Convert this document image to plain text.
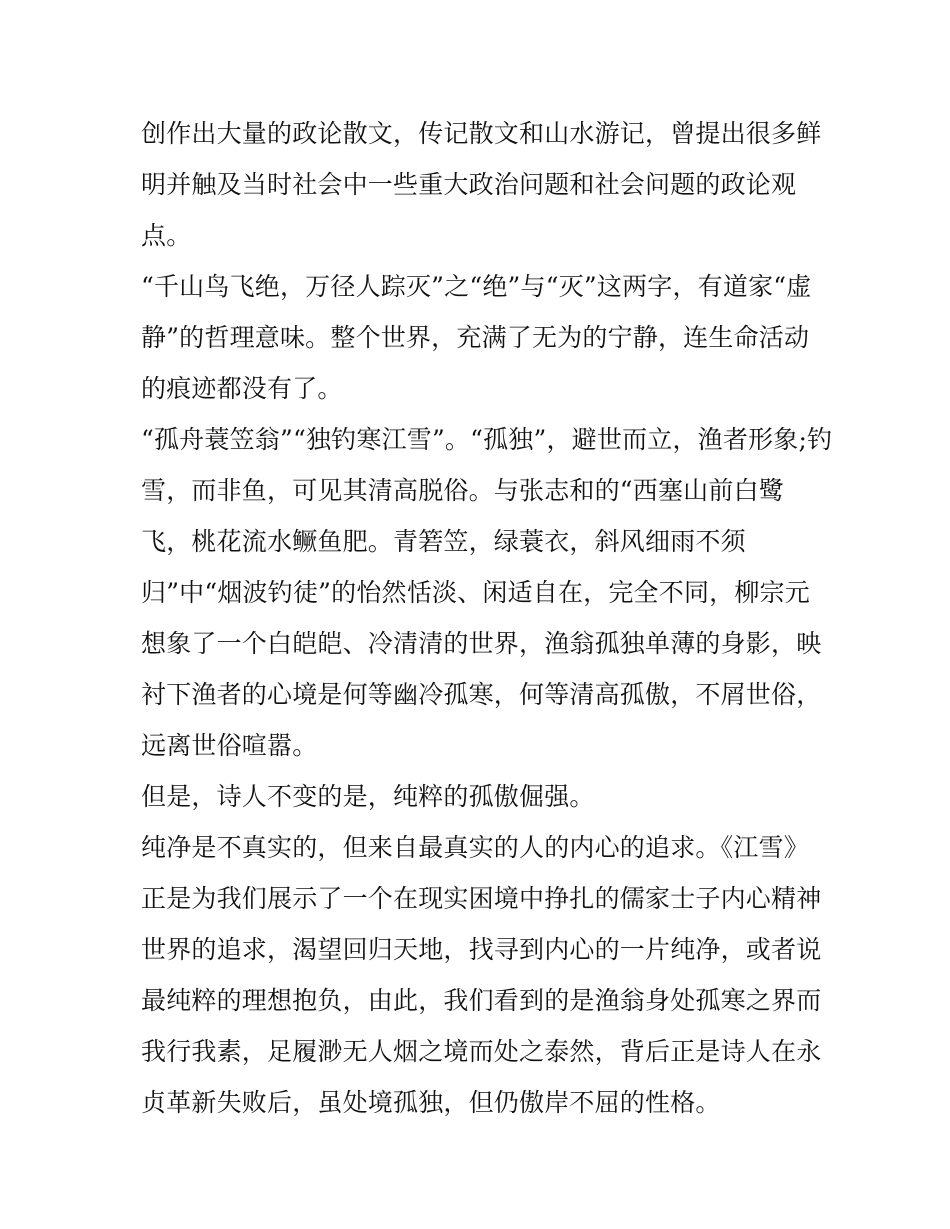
创作出大量的政论散文，传记散文和山水游记，曾提出很多鲜
明并触及当时社会中一些重大政治问题和社会问题的政论观
点。
“千山鸟飞绝，万径人踪灭”之“绝”与“灭”这两字，有道家“虚
静”的哲理意味。整个世界，充满了无为的宁静，连生命活动
的痕迹都没有了。
“孤舟蓑笠翁”“独钓寒江雪”。“孤独”，避世而立，渔者形象;钓
雪，而非鱼，可见其清高脱俗。与张志和的“西塞山前白鹭
飞，桃花流水鳜鱼肥。青箬笠，绿蓑衣，斜风细雨不须
归”中“烟波钓徒”的怡然恬淡、闲适自在，完全不同，柳宗元
想象了一个白皑皑、冷清清的世界，渔翁孤独单薄的身影，映
衬下渔者的心境是何等幽冷孤寒，何等清高孤傲，不屑世俗，
远离世俗喧嚣。
但是，诗人不变的是，纯粹的孤傲倔强。
纯净是不真实的，但来自最真实的人的内心的追求。《江雪》
正是为我们展示了一个在现实困境中挣扎的儒家士子内心精神
世界的追求，渴望回归天地，找寻到内心的一片纯净，或者说
最纯粹的理想抱负，由此，我们看到的是渔翁身处孤寒之界而
我行我素，足履渺无人烟之境而处之泰然，背后正是诗人在永
贞革新失败后，虽处境孤独，但仍傲岸不屈的性格。
